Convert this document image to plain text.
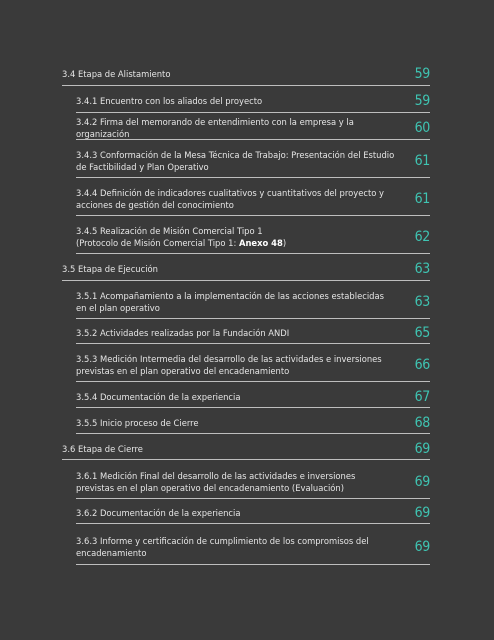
3.4 Etapa de Alistamiento	59
3.4.1 Encuentro con los aliados del proyecto	59
3.4.2 Firma del memorando de entendimiento con la empresa y la organización	60
3.4.3 Conformación de la Mesa Técnica de Trabajo: Presentación del Estudio de Factibilidad y Plan Operativo	61
3.4.4 Definición de indicadores cualitativos y cuantitativos del proyecto y acciones de gestión del conocimiento	61
3.4.5 Realización de Misión Comercial Tipo 1
(Protocolo de Misión Comercial Tipo 1: Anexo 48)	62
3.5 Etapa de Ejecución	63
3.5.1 Acompañamiento a la implementación de las acciones establecidas en el plan operativo	63
3.5.2 Actividades realizadas por la Fundación ANDI	65
3.5.3 Medición Intermedia del desarrollo de las actividades e inversiones previstas en el plan operativo del encadenamiento	66
3.5.4 Documentación de la experiencia	67
3.5.5 Inicio proceso de Cierre	68
3.6 Etapa de Cierre	69
3.6.1 Medición Final del desarrollo de las actividades e inversiones previstas en el plan operativo del encadenamiento (Evaluación)	69
3.6.2 Documentación de la experiencia	69
3.6.3 Informe y certificación de cumplimiento de los compromisos del encadenamiento	69
